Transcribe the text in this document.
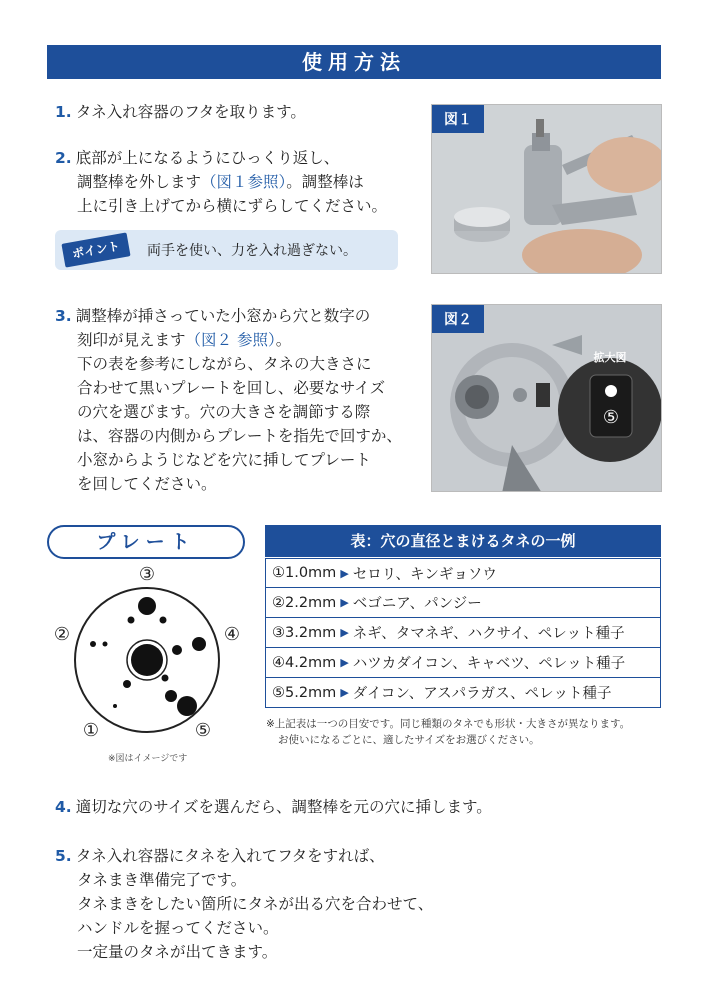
使用方法
1. タネ入れ容器のフタを取ります。
2. 底部が上になるようにひっくり返し、
調整棒を外します（図１参照）。調整棒は
上に引き上げてから横にずらしてください。
ポイント	両手を使い、力を入れ過ぎない。
図１
3. 調整棒が挿さっていた小窓から穴と数字の
刻印が見えます（図２ 参照）。
下の表を参考にしながら、タネの大きさに
合わせて黒いプレートを回し、必要なサイズ
の穴を選びます。穴の大きさを調節する際
は、容器の内側からプレートを指先で回すか、
小窓からようじなどを穴に挿してプレート
を回してください。
拡大図
⑤
図２
プレート
③
②	④
①	⑤
※図はイメージです
表：穴の直径とまけるタネの一例
①1.0mm ▶ セロリ、キンギョソウ
②2.2mm ▶ ベゴニア、パンジー
③3.2mm ▶ ネギ、タマネギ、ハクサイ、ペレット種子
④4.2mm ▶ ハツカダイコン、キャベツ、ペレット種子
⑤5.2mm ▶ ダイコン、アスパラガス、ペレット種子
※上記表は一つの目安です。同じ種類のタネでも形状・大きさが異なります。
お使いになるごとに、適したサイズをお選びください。
4. 適切な穴のサイズを選んだら、調整棒を元の穴に挿します。
5. タネ入れ容器にタネを入れてフタをすれば、
タネまき準備完了です。
タネまきをしたい箇所にタネが出る穴を合わせて、
ハンドルを握ってください。
一定量のタネが出てきます。
